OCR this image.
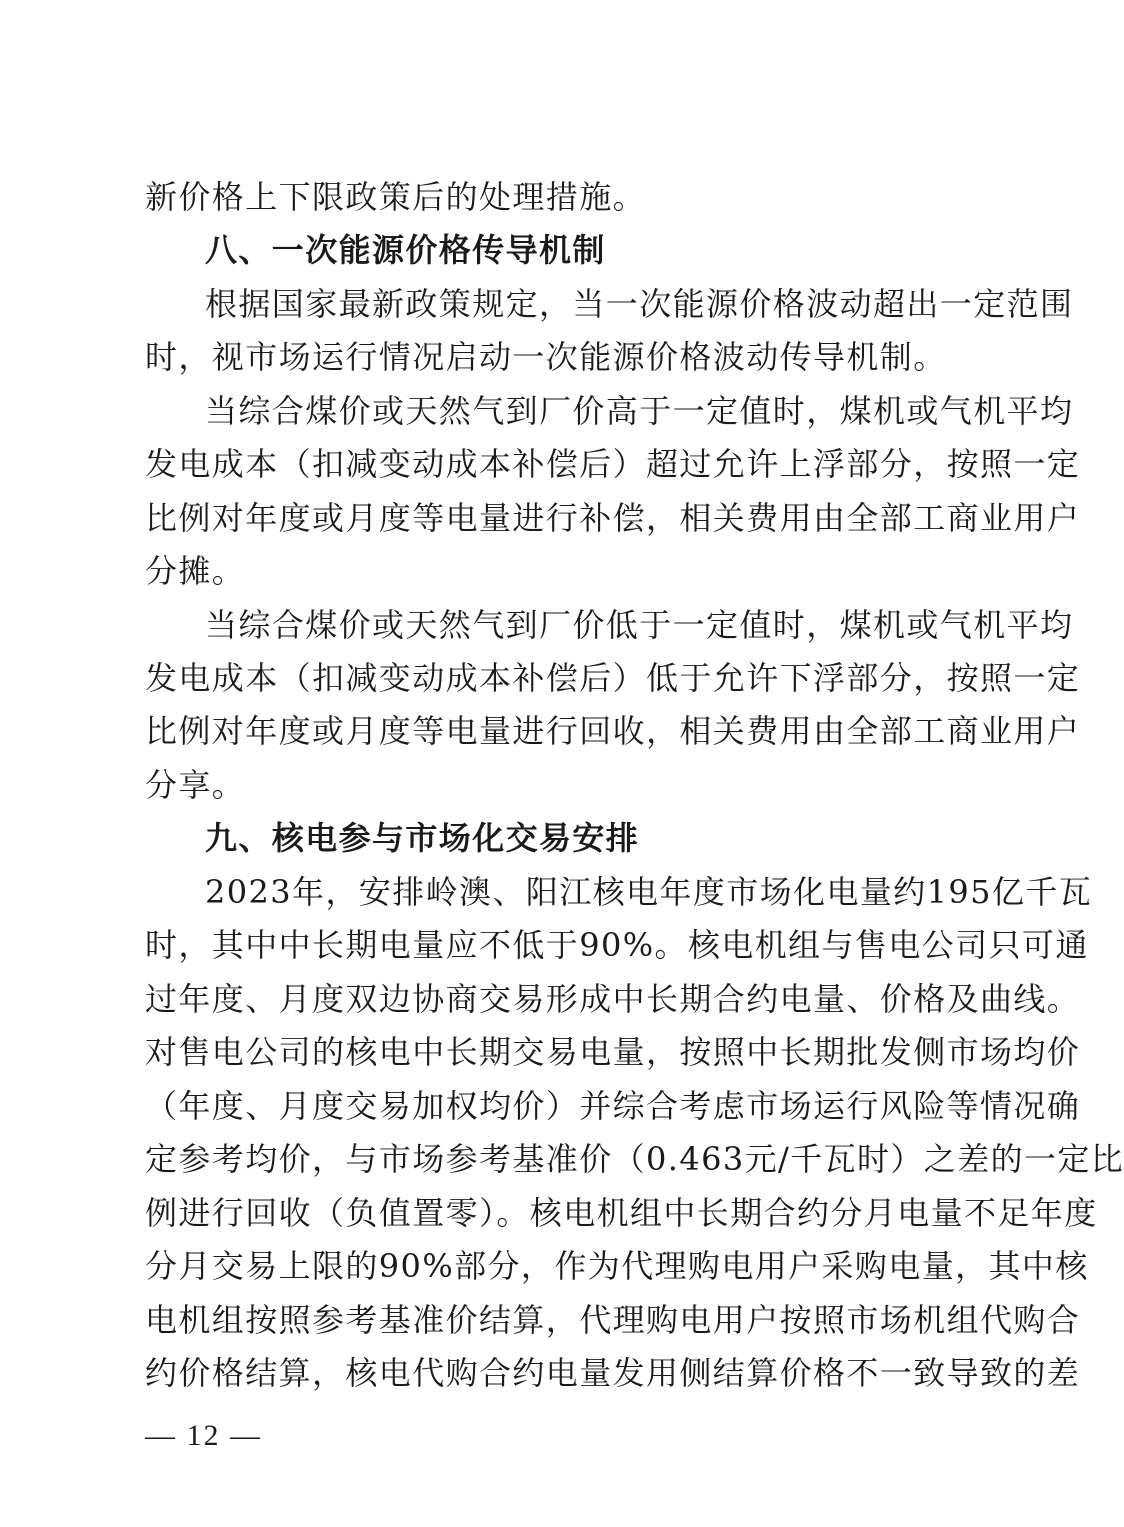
新价格上下限政策后的处理措施。
八、一次能源价格传导机制
根据国家最新政策规定，当一次能源价格波动超出一定范围
时，视市场运行情况启动一次能源价格波动传导机制。
当综合煤价或天然气到厂价高于一定值时，煤机或气机平均
发电成本（扣减变动成本补偿后）超过允许上浮部分，按照一定
比例对年度或月度等电量进行补偿，相关费用由全部工商业用户
分摊。
当综合煤价或天然气到厂价低于一定值时，煤机或气机平均
发电成本（扣减变动成本补偿后）低于允许下浮部分，按照一定
比例对年度或月度等电量进行回收，相关费用由全部工商业用户
分享。
九、核电参与市场化交易安排
2023年，安排岭澳、阳江核电年度市场化电量约195亿千瓦
时，其中中长期电量应不低于90%。核电机组与售电公司只可通
过年度、月度双边协商交易形成中长期合约电量、价格及曲线。
对售电公司的核电中长期交易电量，按照中长期批发侧市场均价
（年度、月度交易加权均价）并综合考虑市场运行风险等情况确
定参考均价，与市场参考基准价（0.463元/千瓦时）之差的一定比
例进行回收（负值置零）。核电机组中长期合约分月电量不足年度
分月交易上限的90%部分，作为代理购电用户采购电量，其中核
电机组按照参考基准价结算，代理购电用户按照市场机组代购合
约价格结算，核电代购合约电量发用侧结算价格不一致导致的差
— 12 —
